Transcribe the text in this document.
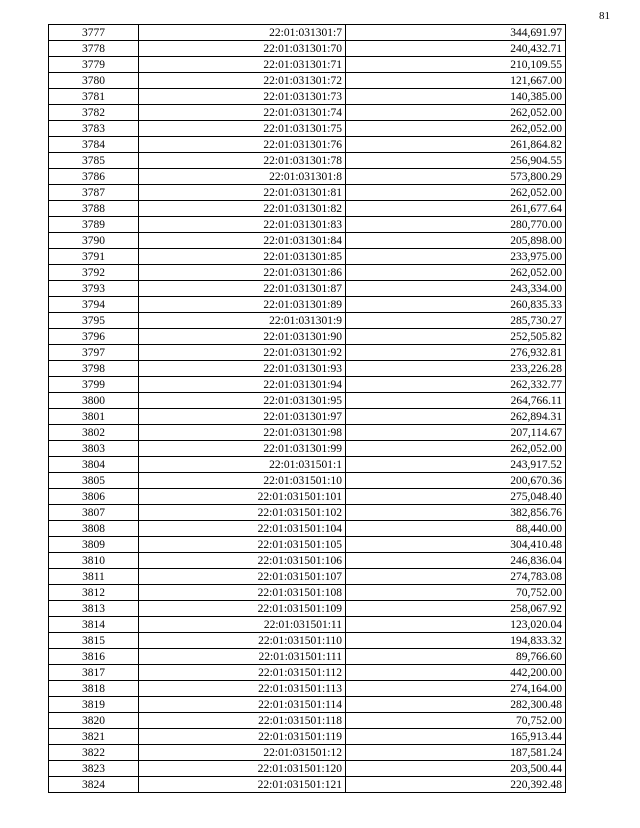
81
3777	22:01:031301:7	344,691.97
3778	22:01:031301:70	240,432.71
3779	22:01:031301:71	210,109.55
3780	22:01:031301:72	121,667.00
3781	22:01:031301:73	140,385.00
3782	22:01:031301:74	262,052.00
3783	22:01:031301:75	262,052.00
3784	22:01:031301:76	261,864.82
3785	22:01:031301:78	256,904.55
3786	22:01:031301:8	573,800.29
3787	22:01:031301:81	262,052.00
3788	22:01:031301:82	261,677.64
3789	22:01:031301:83	280,770.00
3790	22:01:031301:84	205,898.00
3791	22:01:031301:85	233,975.00
3792	22:01:031301:86	262,052.00
3793	22:01:031301:87	243,334.00
3794	22:01:031301:89	260,835.33
3795	22:01:031301:9	285,730.27
3796	22:01:031301:90	252,505.82
3797	22:01:031301:92	276,932.81
3798	22:01:031301:93	233,226.28
3799	22:01:031301:94	262,332.77
3800	22:01:031301:95	264,766.11
3801	22:01:031301:97	262,894.31
3802	22:01:031301:98	207,114.67
3803	22:01:031301:99	262,052.00
3804	22:01:031501:1	243,917.52
3805	22:01:031501:10	200,670.36
3806	22:01:031501:101	275,048.40
3807	22:01:031501:102	382,856.76
3808	22:01:031501:104	88,440.00
3809	22:01:031501:105	304,410.48
3810	22:01:031501:106	246,836.04
3811	22:01:031501:107	274,783.08
3812	22:01:031501:108	70,752.00
3813	22:01:031501:109	258,067.92
3814	22:01:031501:11	123,020.04
3815	22:01:031501:110	194,833.32
3816	22:01:031501:111	89,766.60
3817	22:01:031501:112	442,200.00
3818	22:01:031501:113	274,164.00
3819	22:01:031501:114	282,300.48
3820	22:01:031501:118	70,752.00
3821	22:01:031501:119	165,913.44
3822	22:01:031501:12	187,581.24
3823	22:01:031501:120	203,500.44
3824	22:01:031501:121	220,392.48
